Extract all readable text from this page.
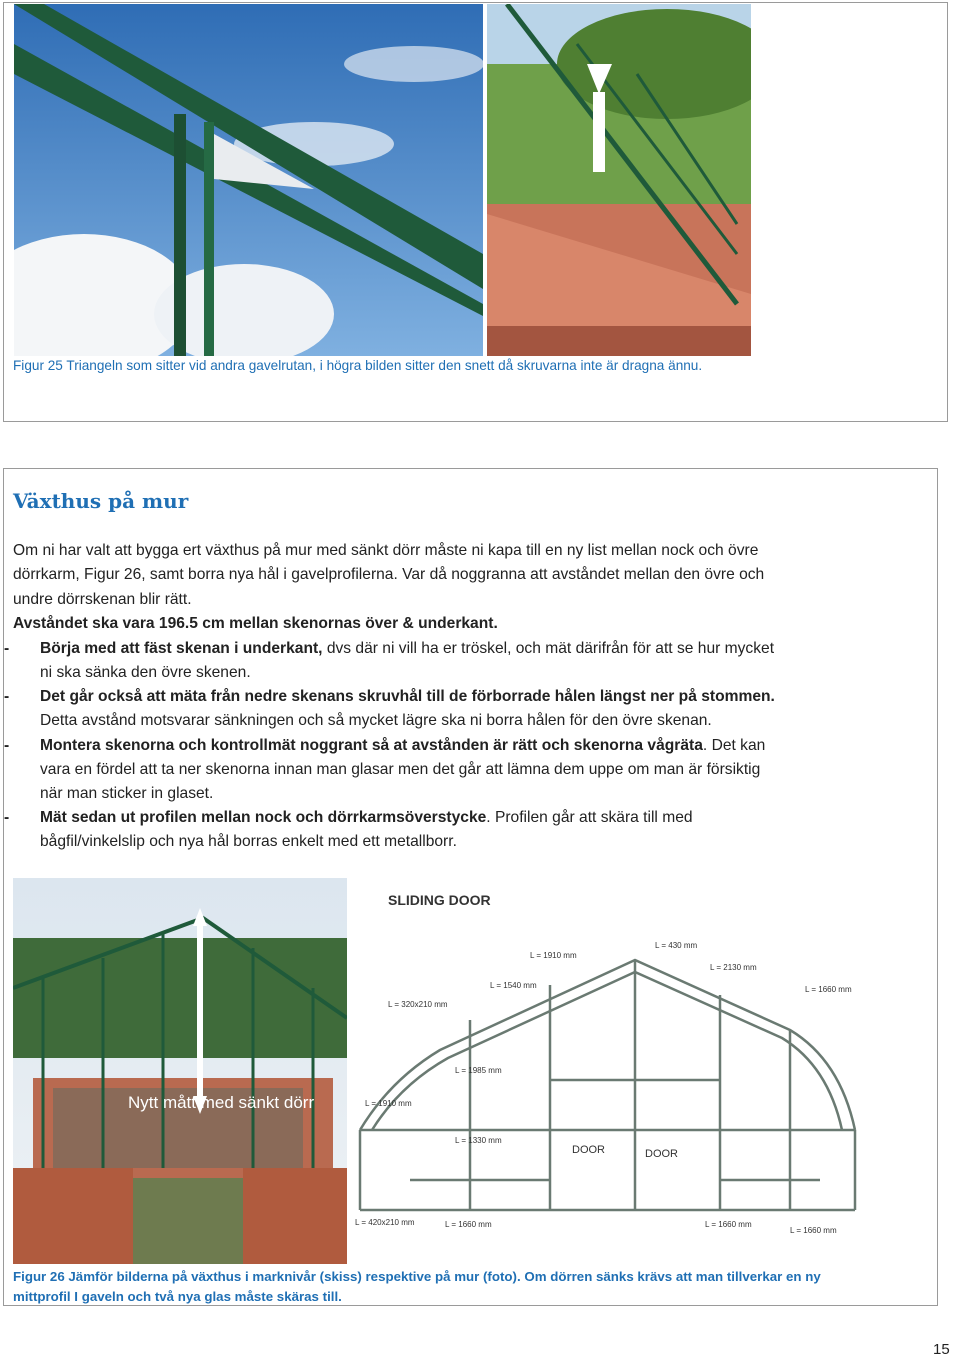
Figur 25 Triangeln som sitter vid andra gavelrutan, i högra bilden sitter den snett då skruvarna inte är dragna ännu.
Växthus på mur
Om ni har valt att bygga ert växthus på mur med sänkt dörr måste ni kapa till en ny list mellan nock och övre
dörrkarm, Figur 26, samt borra nya hål i gavelprofilerna. Var då noggranna att avståndet mellan den övre och
undre dörrskenan blir rätt.
Avståndet ska vara 196.5 cm mellan skenornas över & underkant.
- Börja med att fäst skenan i underkant, dvs där ni vill ha er tröskel, och mät därifrån för att se hur mycket
ni ska sänka den övre skenen.
- Det går också att mäta från nedre skenans skruvhål till de förborrade hålen längst ner på stommen.
Detta avstånd motsvarar sänkningen och så mycket lägre ska ni borra hålen för den övre skenan.
- Montera skenorna och kontrollmät noggrant så at avstånden är rätt och skenorna vågräta. Det kan
vara en fördel att ta ner skenorna innan man glasar men det går att lämna dem uppe om man är försiktig
när man sticker in glaset.
- Mät sedan ut profilen mellan nock och dörrkarmsöverstycke. Profilen går att skära till med
bågfil/vinkelslip och nya hål borras enkelt med ett metallborr.
Nytt mått med sänkt dörr
SLIDING DOOR
L = 1910 mm
L = 430 mm
L = 2130 mm
L = 1540 mm	L = 1660 mm
L = 320x210 mm
L = 1985 mm
L = 1910 mm
L = 1330 mm
L = 420x210 mm	L = 1660 mm	L = 1660 mm
L = 1660 mm
DOOR	DOOR
Figur 26 Jämför bilderna på växthus i marknivår (skiss) respektive på mur (foto). Om dörren sänks krävs att man tillverkar en ny
mittprofil I gaveln och två nya glas måste skäras till.
15
